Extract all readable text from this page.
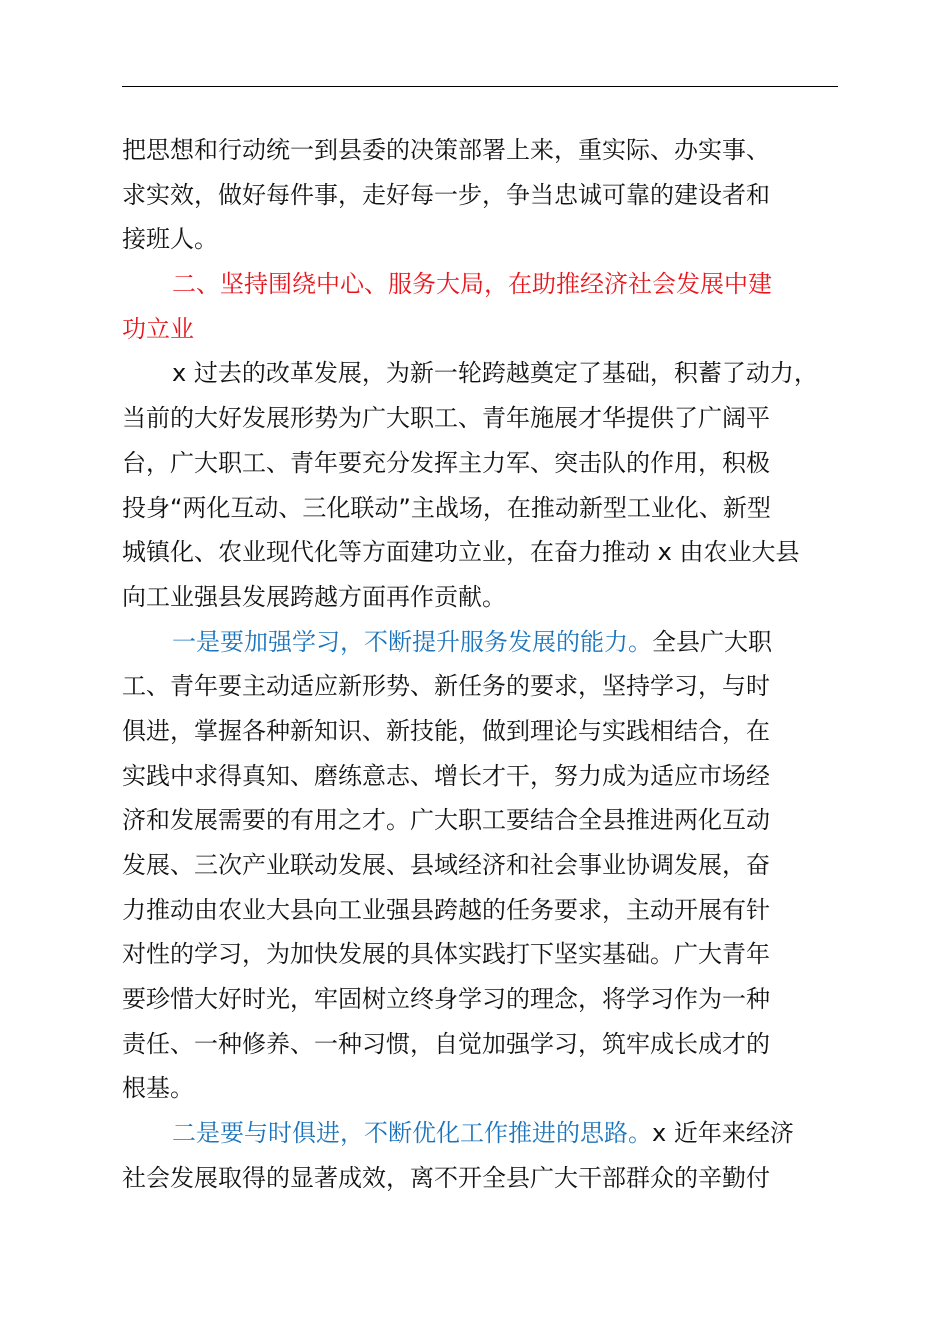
把思想和行动统一到县委的决策部署上来，重实际、办实事、
求实效，做好每件事，走好每一步，争当忠诚可靠的建设者和
接班人。

二、坚持围绕中心、服务大局，在助推经济社会发展中建
功立业

x 过去的改革发展，为新一轮跨越奠定了基础，积蓄了动力，
当前的大好发展形势为广大职工、青年施展才华提供了广阔平
台，广大职工、青年要充分发挥主力军、突击队的作用，积极
投身“两化互动、三化联动”主战场，在推动新型工业化、新型
城镇化、农业现代化等方面建功立业，在奋力推动 x 由农业大县
向工业强县发展跨越方面再作贡献。

一是要加强学习，不断提升服务发展的能力。全县广大职
工、青年要主动适应新形势、新任务的要求，坚持学习，与时
俱进，掌握各种新知识、新技能，做到理论与实践相结合，在
实践中求得真知、磨练意志、增长才干，努力成为适应市场经
济和发展需要的有用之才。广大职工要结合全县推进两化互动
发展、三次产业联动发展、县域经济和社会事业协调发展，奋
力推动由农业大县向工业强县跨越的任务要求，主动开展有针
对性的学习，为加快发展的具体实践打下坚实基础。广大青年
要珍惜大好时光，牢固树立终身学习的理念，将学习作为一种
责任、一种修养、一种习惯，自觉加强学习，筑牢成长成才的
根基。

二是要与时俱进，不断优化工作推进的思路。x 近年来经济
社会发展取得的显著成效，离不开全县广大干部群众的辛勤付
